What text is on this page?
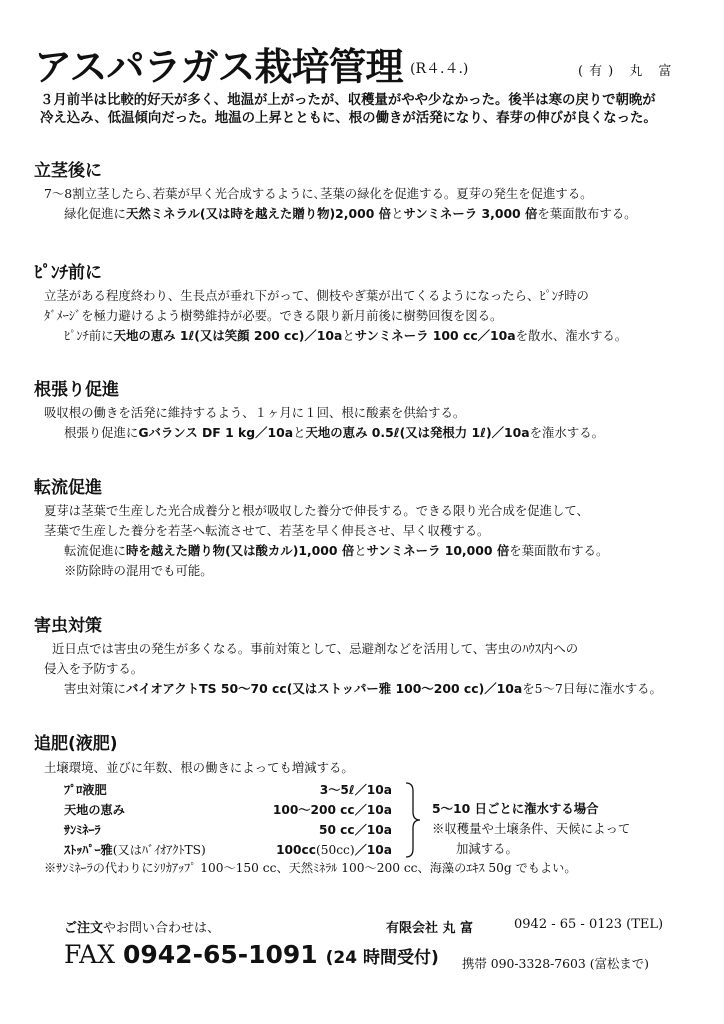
アスパラガス栽培管理 (R４.４.)	(有) 丸 富
３月前半は比較的好天が多く、地温が上がったが、収穫量がやや少なかった。後半は寒の戻りで朝晩が
冷え込み、低温傾向だった。地温の上昇とともに、根の働きが活発になり、春芽の伸びが良くなった。
立茎後に
7〜8割立茎したら､若葉が早く光合成するように､茎葉の緑化を促進する。夏芽の発生を促進する。
緑化促進に天然ミネラル(又は時を越えた贈り物)2,000 倍とサンミネーラ 3,000 倍を葉面散布する。
ﾋﾟﾝﾁ前に
立茎がある程度終わり、生長点が垂れ下がって、側枝やぎ葉が出てくるようになったら、ﾋﾟﾝﾁ時の
ﾀﾞﾒｰｼﾞを極力避けるよう樹勢維持が必要。できる限り新月前後に樹勢回復を図る。
ﾋﾟﾝﾁ前に天地の恵み 1ℓ(又は笑顔 200 cc)／10aとサンミネーラ 100 cc／10aを散水、潅水する。
根張り促進
吸収根の働きを活発に維持するよう、１ヶ月に１回、根に酸素を供給する。
根張り促進にGバランス DF 1 kg／10aと天地の恵み 0.5ℓ(又は発根力 1ℓ)／10aを潅水する。
転流促進
夏芽は茎葉で生産した光合成養分と根が吸収した養分で伸長する。できる限り光合成を促進して、
茎葉で生産した養分を若茎へ転流させて、若茎を早く伸長させ、早く収穫する。
転流促進に時を越えた贈り物(又は酸カル)1,000 倍とサンミネーラ 10,000 倍を葉面散布する。
※防除時の混用でも可能。
害虫対策
近日点では害虫の発生が多くなる。事前対策として、忌避剤などを活用して、害虫のﾊｳｽ内への
侵入を予防する。
害虫対策にバイオアクトTS 50〜70 cc(又はストッパー雅 100〜200 cc)／10aを5〜7日毎に潅水する。
追肥(液肥)
土壌環境、並びに年数、根の働きによっても増減する。
ﾌﾟﾛ液肥	3〜5ℓ／10a
天地の恵み	100〜200 cc／10a
ｻﾝﾐﾈｰﾗ	50 cc／10a
ｽﾄｯﾊﾟｰ雅(又はﾊﾞｲｵｱｸﾄTS)	100cc(50cc)／10a
5〜10 日ごとに潅水する場合
※収穫量や土壌条件、天候によって
加減する。
※ｻﾝﾐﾈｰﾗの代わりにｼﾘｶｱｯﾌﾟ 100〜150 cc、天然ﾐﾈﾗﾙ 100〜200 cc、海藻のｴｷｽ 50g でもよい。
ご注文やお問い合わせは、	有限会社 丸 富	0942 - 65 - 0123 (TEL)
FAX 0942-65-1091 (24 時間受付) 携帯 090-3328-7603 (富松まで)
